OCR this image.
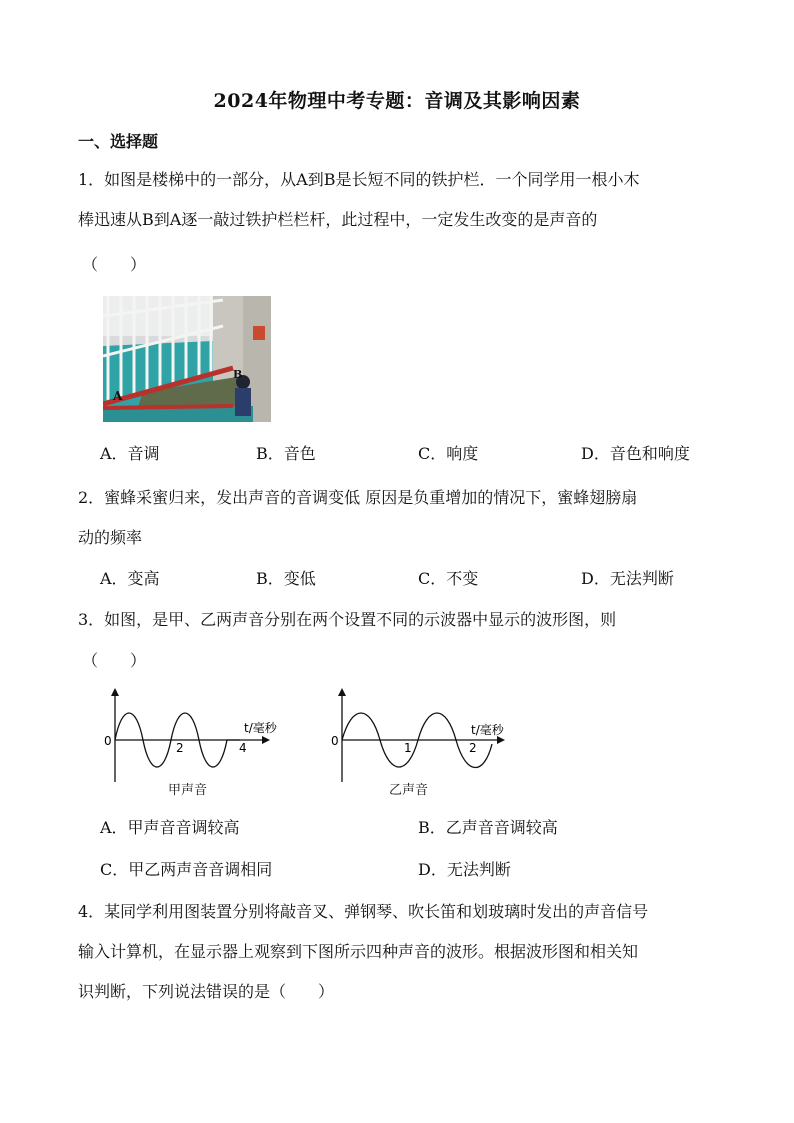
2024年物理中考专题：音调及其影响因素
一、选择题
1．如图是楼梯中的一部分，从A到B是长短不同的铁护栏．一个同学用一根小木
棒迅速从B到A逐一敲过铁护栏栏杆，此过程中，一定发生改变的是声音的
（　　）
A
B
A．音调	B．音色	C．响度	D．音色和响度
2．蜜蜂采蜜归来，发出声音的音调变低 原因是负重增加的情况下，蜜蜂翅膀扇
动的频率
A．变高	B．变低	C．不变	D．无法判断
3．如图，是甲、乙两声音分别在两个设置不同的示波器中显示的波形图，则
（　　）
0	2	4
t/毫秒
甲声音
0	1	2
t/毫秒
乙声音
A．甲声音音调较高	B．乙声音音调较高
C．甲乙两声音音调相同	D．无法判断
4．某同学利用图装置分别将敲音叉、弹钢琴、吹长笛和划玻璃时发出的声音信号
输入计算机，在显示器上观察到下图所示四种声音的波形。根据波形图和相关知
识判断，下列说法错误的是（　　）
